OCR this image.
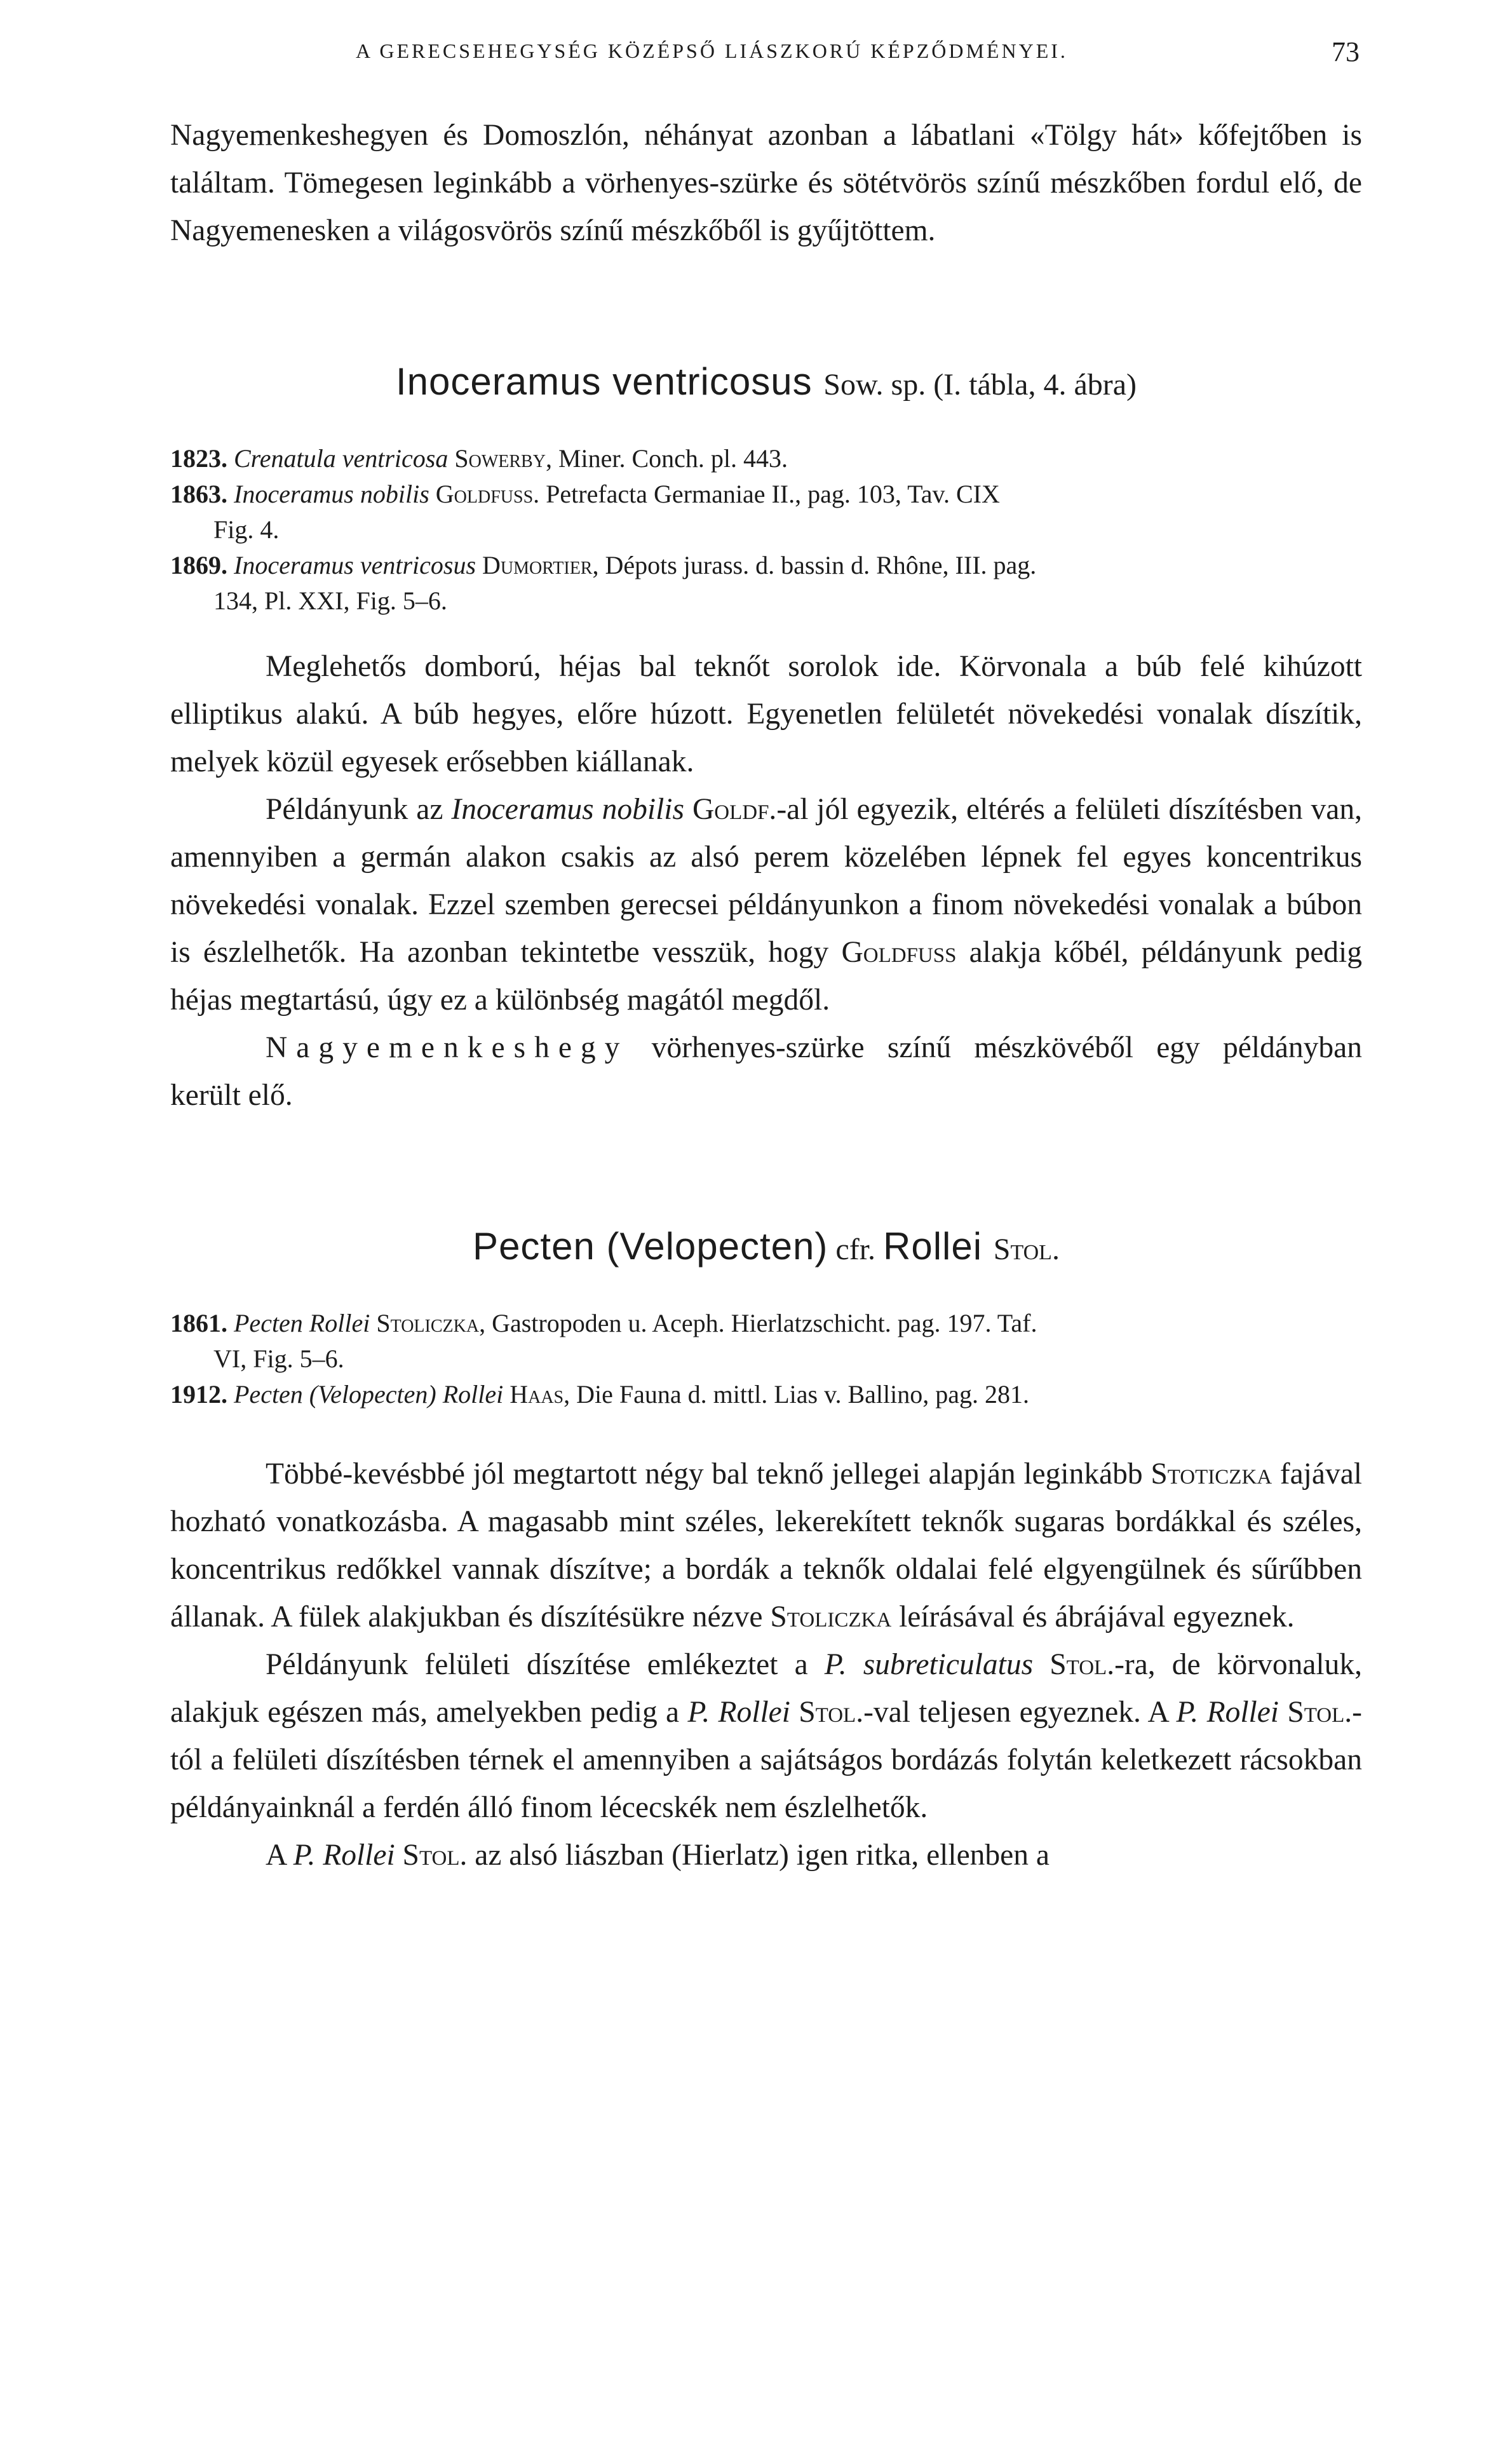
A GERECSEHEGYSÉG KÖZÉPSŐ LIÁSZKORÚ KÉPZŐDMÉNYEI.	73

Nagyemenkeshegyen és Domoszlón, néhányat azonban a lábatlani «Tölgy hát» kőfejtőben is találtam. Tömegesen leginkább a vörhenyes-szürke és sötétvörös színű mészkőben fordul elő, de Nagyemenesken a világosvörös színű mészkőből is gyűjtöttem.

Inoceramus ventricosus Sow. sp. (I. tábla, 4. ábra)

1823. Crenatula ventricosa Sowerby, Miner. Conch. pl. 443.

1863. Inoceramus nobilis Goldfuss. Petrefacta Germaniae II., pag. 103, Tav. CIX
Fig. 4.

1869. Inoceramus ventricosus Dumortier, Dépots jurass. d. bassin d. Rhône, III. pag.
134, Pl. XXI, Fig. 5–6.

Meglehetős domború, héjas bal teknőt sorolok ide. Körvonala a búb felé kihúzott elliptikus alakú. A búb hegyes, előre húzott. Egyenetlen felületét növekedési vonalak díszítik, melyek közül egyesek erősebben kiállanak.

Példányunk az Inoceramus nobilis Goldf.-al jól egyezik, eltérés a felületi díszítésben van, amennyiben a germán alakon csakis az alsó perem közelében lépnek fel egyes koncentrikus növekedési vonalak. Ezzel szemben gerecsei példányunkon a finom növekedési vonalak a búbon is észlelhetők. Ha azonban tekintetbe vesszük, hogy Goldfuss alakja kőbél, példányunk pedig héjas megtartású, úgy ez a különbség magától megdől.

Nagyemenkeshegy vörhenyes-szürke színű mészkövéből egy példányban került elő.

Pecten (Velopecten) cfr. Rollei Stol.

1861. Pecten Rollei Stoliczka, Gastropoden u. Aceph. Hierlatzschicht. pag. 197. Taf.
VI, Fig. 5–6.

1912. Pecten (Velopecten) Rollei Haas, Die Fauna d. mittl. Lias v. Ballino, pag. 281.

Többé-kevésbbé jól megtartott négy bal teknő jellegei alapján leginkább Stoticzka fajával hozható vonatkozásba. A magasabb mint széles, lekerekített teknők sugaras bordákkal és széles, koncentrikus redőkkel vannak díszítve; a bordák a teknők oldalai felé elgyengülnek és sűrűbben állanak. A fülek alakjukban és díszítésükre nézve Stoliczka leírásával és ábrájával egyeznek.

Példányunk felületi díszítése emlékeztet a P. subreticulatus Stol.-ra, de körvonaluk, alakjuk egészen más, amelyekben pedig a P. Rollei Stol.-val teljesen egyeznek. A P. Rollei Stol.-tól a felületi díszítésben térnek el amennyiben a sajátságos bordázás folytán keletkezett rácsokban példányainknál a ferdén álló finom lécecskék nem észlelhetők.

A P. Rollei Stol. az alsó liászban (Hierlatz) igen ritka, ellenben a
